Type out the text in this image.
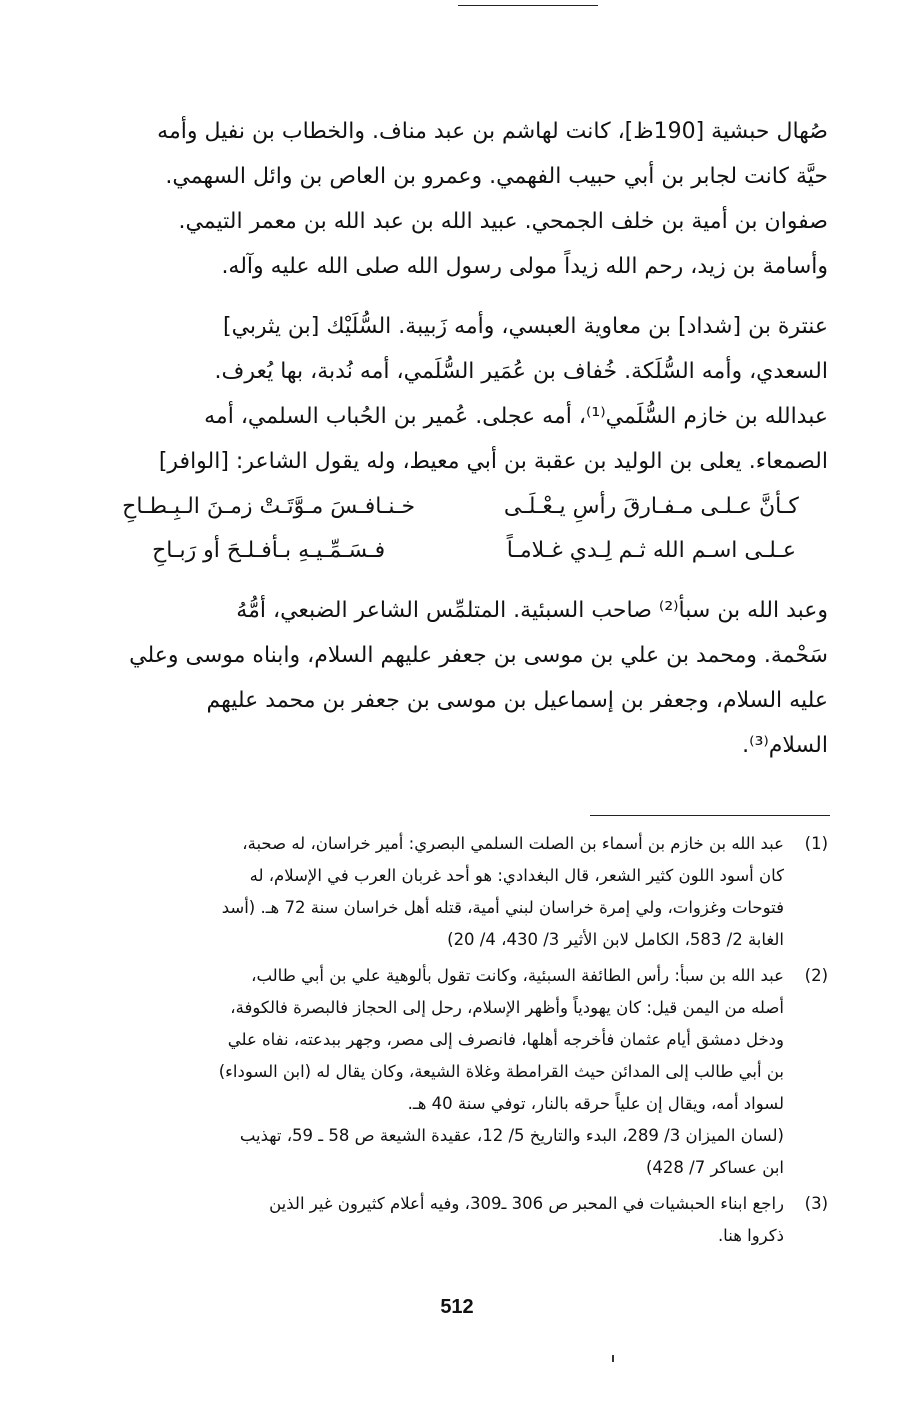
صُهال حبشية [190ظ]، كانت لهاشم بن عبد مناف. والخطاب بن نفيل وأمه
حيَّة كانت لجابر بن أبي حبيب الفهمي. وعمرو بن العاص بن وائل السهمي.
صفوان بن أمية بن خلف الجمحي. عبيد الله بن عبد الله بن معمر التيمي.
وأسامة بن زيد، رحم الله زيداً مولى رسول الله صلى الله عليه وآله.
عنترة بن [شداد] بن معاوية العبسي، وأمه زَبيبة. السُّلَيْك [بن يثربي]
السعدي، وأمه السُّلَكة. خُفاف بن عُمَير السُّلَمي، أمه نُدبة، بها يُعرف.
عبدالله بن خازم السُّلَمي⁽¹⁾، أمه عجلى. عُمير بن الحُباب السلمي، أمه
الصمعاء. يعلى بن الوليد بن عقبة بن أبي معيط، وله يقول الشاعر: [الوافر]
كـأنَّ عـلـى مـفـارقَ رأسِ يـعْـلَـى
خـنـافـسَ مـوَّتَـتْ زمـنَ الـبِـطـاحِ
عـلـى اسـم الله ثـم لِـدي غـلامـاً
فـسَـمِّـيـهِ بـأفـلـحَ أو رَبـاحِ
وعبد الله بن سبأ⁽²⁾ صاحب السبئية. المتلمِّس الشاعر الضبعي، أمُّهُ
سَحْمة. ومحمد بن علي بن موسى بن جعفر عليهم السلام، وابناه موسى وعلي
عليه السلام، وجعفر بن إسماعيل بن موسى بن جعفر بن محمد عليهم
السلام⁽³⁾.
(1)
عبد الله بن خازم بن أسماء بن الصلت السلمي البصري: أمير خراسان، له صحبة،
كان أسود اللون كثير الشعر، قال البغدادي: هو أحد غربان العرب في الإسلام، له
فتوحات وغزوات، ولي إمرة خراسان لبني أمية، قتله أهل خراسان سنة 72 هـ. (أسد
الغابة 2/ 583، الكامل لابن الأثير 3/ 430، 4/ 20)
(2)
عبد الله بن سبأ: رأس الطائفة السبئية، وكانت تقول بألوهية علي بن أبي طالب،
أصله من اليمن قيل: كان يهودياً وأظهر الإسلام، رحل إلى الحجاز فالبصرة فالكوفة،
ودخل دمشق أيام عثمان فأخرجه أهلها، فانصرف إلى مصر، وجهر ببدعته، نفاه علي
بن أبي طالب إلى المدائن حيث القرامطة وغلاة الشيعة، وكان يقال له (ابن السوداء)
لسواد أمه، ويقال إن علياً حرقه بالنار، توفي سنة 40 هـ.
(لسان الميزان 3/ 289، البدء والتاريخ 5/ 12، عقيدة الشيعة ص 58 ـ 59، تهذيب
ابن عساكر 7/ 428)
(3)
راجع ابناء الحبشيات في المحبر ص 306 ـ309، وفيه أعلام كثيرون غير الذين
ذكروا هنا.
512
